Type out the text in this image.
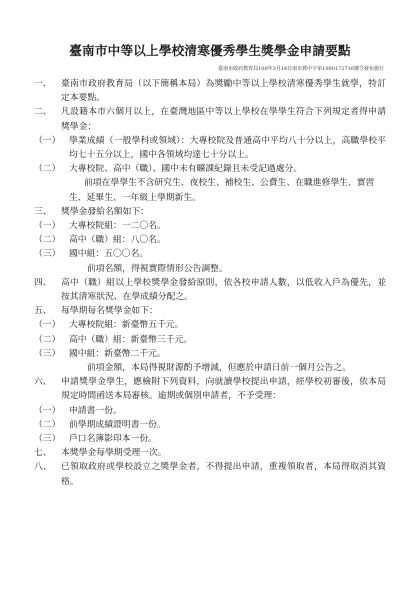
臺南市中等以上學校清寒優秀學生獎學金申請要點
臺南市政府教育局100年3月14日南市教中字第1000172716號令發布施行
一、	臺南市政府教育局（以下簡稱本局）為獎勵中等以上學校清寒優秀學生就學，特訂定本要點。
二、	凡設籍本市六個月以上，在臺灣地區中等以上學校在學學生符合下列規定者得申請獎學金：
（一） 學業成績（一般學科或領域）：大專校院及普通高中平均八十分以上，高職學校平均七十五分以上，國中各領域均達七十分以上。
（二） 大專校院、高中（職）、國中未有曠課紀錄且未受記過處分。
前項在學學生不含研究生、夜校生、補校生、公費生、在職進修學生、實習生、延畢生、一年級上學期新生。
三、	獎學金發給名額如下：
（一） 大專校院組：一二〇名。
（二） 高中（職）組：八〇名。
（三） 國中組：五〇〇名。
前項名額，得視實際情形公告調整。
四、	高中（職）組以上學校獎學金發給原則，依各校申請人數，以低收入戶為優先，並按其清寒狀況、在學成績分配之。
五、	每學期每名獎學金如下：
（一） 大專校院組：新臺幣五千元。
（二） 高中（職）組：新臺幣三千元。
（三） 國中組：新臺幣二千元。
前項金額，本局得視財源酌予增減，但應於申請日前一個月公告之。
六、	申請獎學金學生，應檢附下列資料，向就讀學校提出申請，經學校初審後，依本局規定時間函送本局審核。逾期或個別申請者，不予受理：
（一） 申請書一份。
（二） 前學期成績證明書一份。
（三） 戶口名簿影印本一份。
七、	本獎學金每學期受理一次。
八、	已領取政府或學校設立之獎學金者，不得提出申請，重複領取者，本局得取消其資格。
